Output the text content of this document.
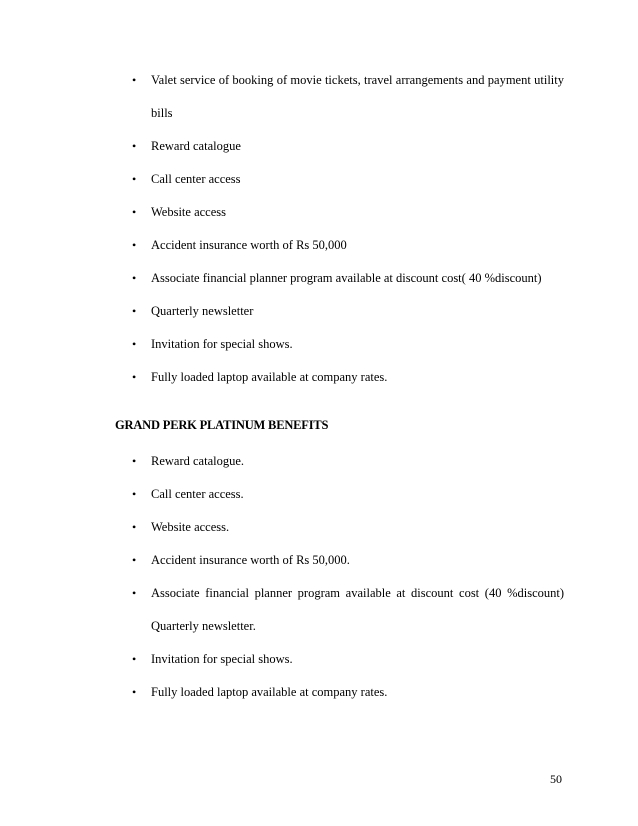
• Valet service of booking of movie tickets, travel arrangements and payment utility bills
• Reward catalogue
• Call center access
• Website access
• Accident insurance worth of Rs 50,000
• Associate financial planner program available at discount cost( 40 %discount)
• Quarterly newsletter
• Invitation for special shows.
• Fully loaded laptop available at company rates.
GRAND PERK PLATINUM BENEFITS
• Reward catalogue.
• Call center access.
• Website access.
• Accident insurance worth of Rs 50,000.
• Associate financial planner program available at discount cost (40 %discount) Quarterly newsletter.
• Invitation for special shows.
• Fully loaded laptop available at company rates.
50
